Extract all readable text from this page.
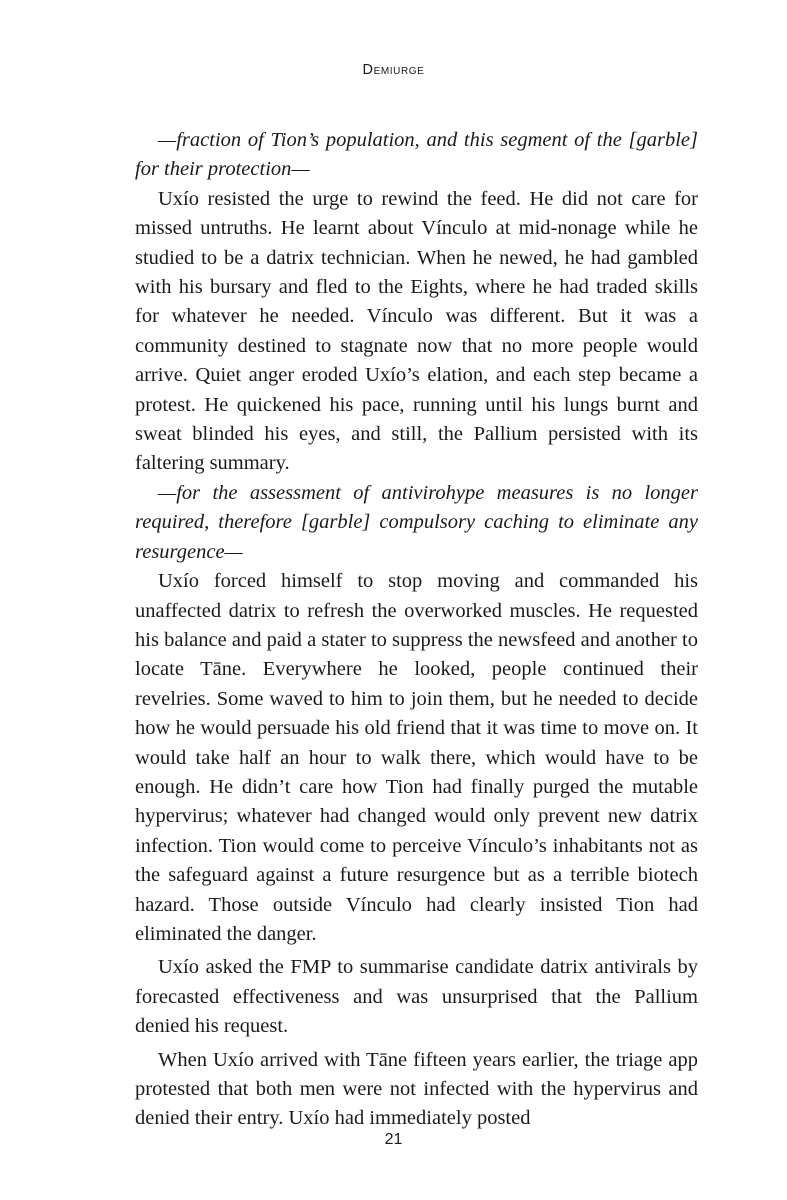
Demiurge

—fraction of Tion’s population, and this segment of the [garble] for their protection—

Uxío resisted the urge to rewind the feed. He did not care for missed untruths. He learnt about Vínculo at mid-nonage while he studied to be a datrix technician. When he newed, he had gambled with his bursary and fled to the Eights, where he had traded skills for whatever he needed. Vínculo was different. But it was a community destined to stagnate now that no more people would arrive. Quiet anger eroded Uxío’s elation, and each step became a protest. He quickened his pace, running until his lungs burnt and sweat blinded his eyes, and still, the Pallium persisted with its faltering summary.

—for the assessment of antivirohype measures is no longer required, therefore [garble] compulsory caching to eliminate any resurgence—

Uxío forced himself to stop moving and commanded his unaffected datrix to refresh the overworked muscles. He requested his balance and paid a stater to suppress the newsfeed and another to locate Tāne. Everywhere he looked, people continued their revelries. Some waved to him to join them, but he needed to decide how he would persuade his old friend that it was time to move on. It would take half an hour to walk there, which would have to be enough. He didn’t care how Tion had finally purged the mutable hypervirus; whatever had changed would only prevent new datrix infection. Tion would come to perceive Vínculo’s inhabitants not as the safeguard against a future resurgence but as a terrible biotech hazard. Those outside Vínculo had clearly insisted Tion had eliminated the danger.

Uxío asked the FMP to summarise candidate datrix antivirals by forecasted effectiveness and was unsurprised that the Pallium denied his request.

When Uxío arrived with Tāne fifteen years earlier, the triage app protested that both men were not infected with the hypervirus and denied their entry. Uxío had immediately posted

21
